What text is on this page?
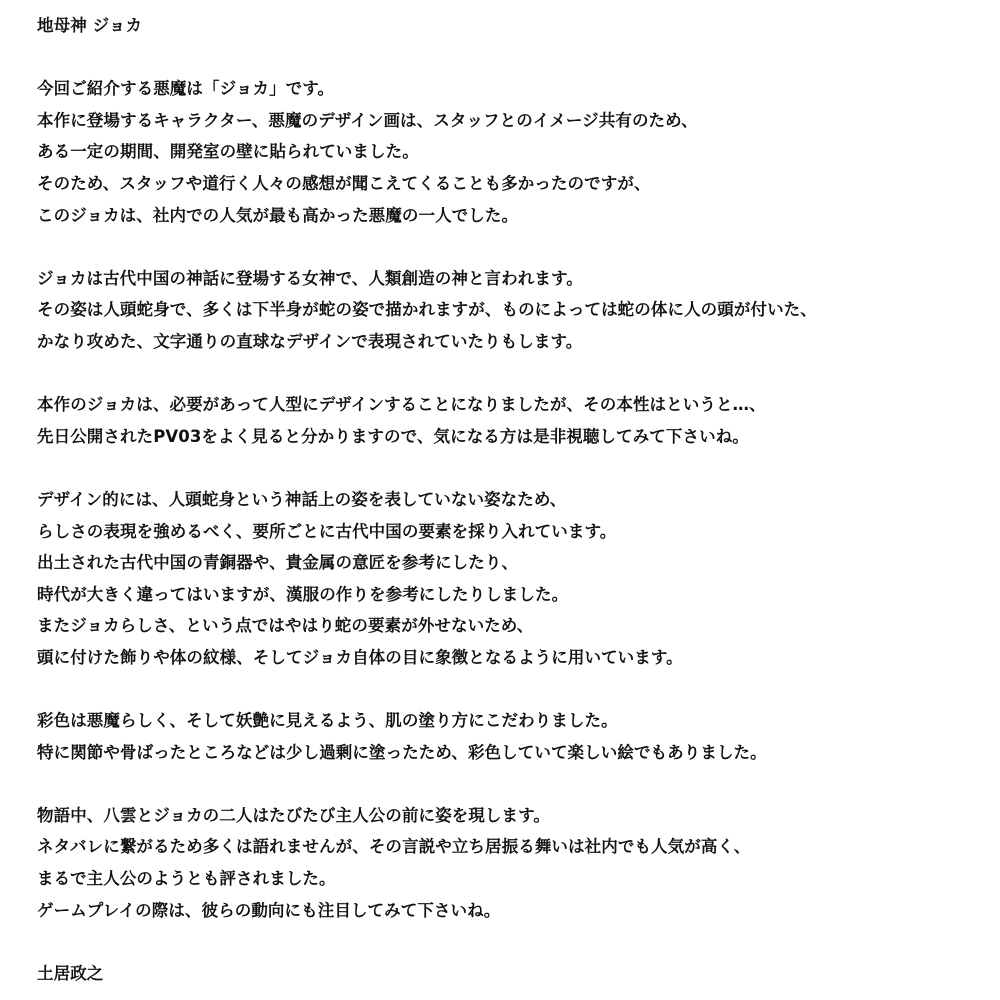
地母神 ジョカ
今回ご紹介する悪魔は「ジョカ」です。
本作に登場するキャラクター、悪魔のデザイン画は、スタッフとのイメージ共有のため、
ある一定の期間、開発室の壁に貼られていました。
そのため、スタッフや道行く人々の感想が聞こえてくることも多かったのですが、
このジョカは、社内での人気が最も高かった悪魔の一人でした。
ジョカは古代中国の神話に登場する女神で、人類創造の神と言われます。
その姿は人頭蛇身で、多くは下半身が蛇の姿で描かれますが、ものによっては蛇の体に人の頭が付いた、
かなり攻めた、文字通りの直球なデザインで表現されていたりもします。
本作のジョカは、必要があって人型にデザインすることになりましたが、その本性はというと…、
先日公開されたPV03をよく見ると分かりますので、気になる方は是非視聴してみて下さいね。
デザイン的には、人頭蛇身という神話上の姿を表していない姿なため、
らしさの表現を強めるべく、要所ごとに古代中国の要素を採り入れています。
出土された古代中国の青銅器や、貴金属の意匠を参考にしたり、
時代が大きく違ってはいますが、漢服の作りを参考にしたりしました。
またジョカらしさ、という点ではやはり蛇の要素が外せないため、
頭に付けた飾りや体の紋様、そしてジョカ自体の目に象徴となるように用いています。
彩色は悪魔らしく、そして妖艶に見えるよう、肌の塗り方にこだわりました。
特に関節や骨ばったところなどは少し過剰に塗ったため、彩色していて楽しい絵でもありました。
物語中、八雲とジョカの二人はたびたび主人公の前に姿を現します。
ネタバレに繋がるため多くは語れませんが、その言説や立ち居振る舞いは社内でも人気が高く、
まるで主人公のようとも評されました。
ゲームプレイの際は、彼らの動向にも注目してみて下さいね。
土居政之
